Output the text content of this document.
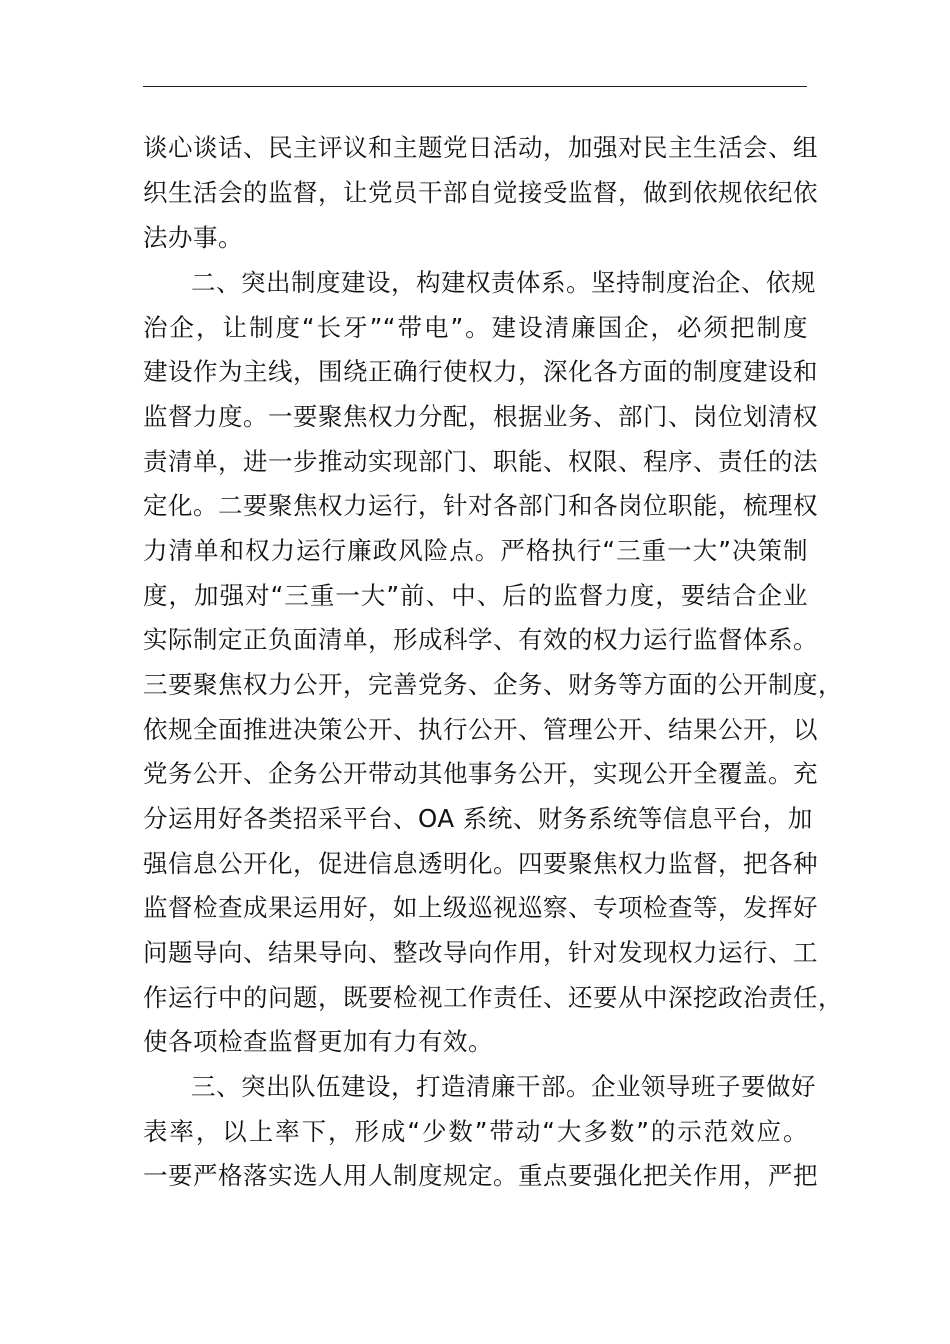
谈心谈话、民主评议和主题党日活动，加强对民主生活会、组
织生活会的监督，让党员干部自觉接受监督，做到依规依纪依
法办事。
二、突出制度建设，构建权责体系。坚持制度治企、依规
治企，让制度“长牙”“带电”。建设清廉国企，必须把制度
建设作为主线，围绕正确行使权力，深化各方面的制度建设和
监督力度。一要聚焦权力分配，根据业务、部门、岗位划清权
责清单，进一步推动实现部门、职能、权限、程序、责任的法
定化。二要聚焦权力运行，针对各部门和各岗位职能，梳理权
力清单和权力运行廉政风险点。严格执行“三重一大”决策制
度，加强对“三重一大”前、中、后的监督力度，要结合企业
实际制定正负面清单，形成科学、有效的权力运行监督体系。
三要聚焦权力公开，完善党务、企务、财务等方面的公开制度，
依规全面推进决策公开、执行公开、管理公开、结果公开，以
党务公开、企务公开带动其他事务公开，实现公开全覆盖。充
分运用好各类招采平台、OA 系统、财务系统等信息平台，加
强信息公开化，促进信息透明化。四要聚焦权力监督，把各种
监督检查成果运用好，如上级巡视巡察、专项检查等，发挥好
问题导向、结果导向、整改导向作用，针对发现权力运行、工
作运行中的问题，既要检视工作责任、还要从中深挖政治责任，
使各项检查监督更加有力有效。
三、突出队伍建设，打造清廉干部。企业领导班子要做好
表率，以上率下，形成“少数”带动“大多数”的示范效应。
一要严格落实选人用人制度规定。重点要强化把关作用，严把
